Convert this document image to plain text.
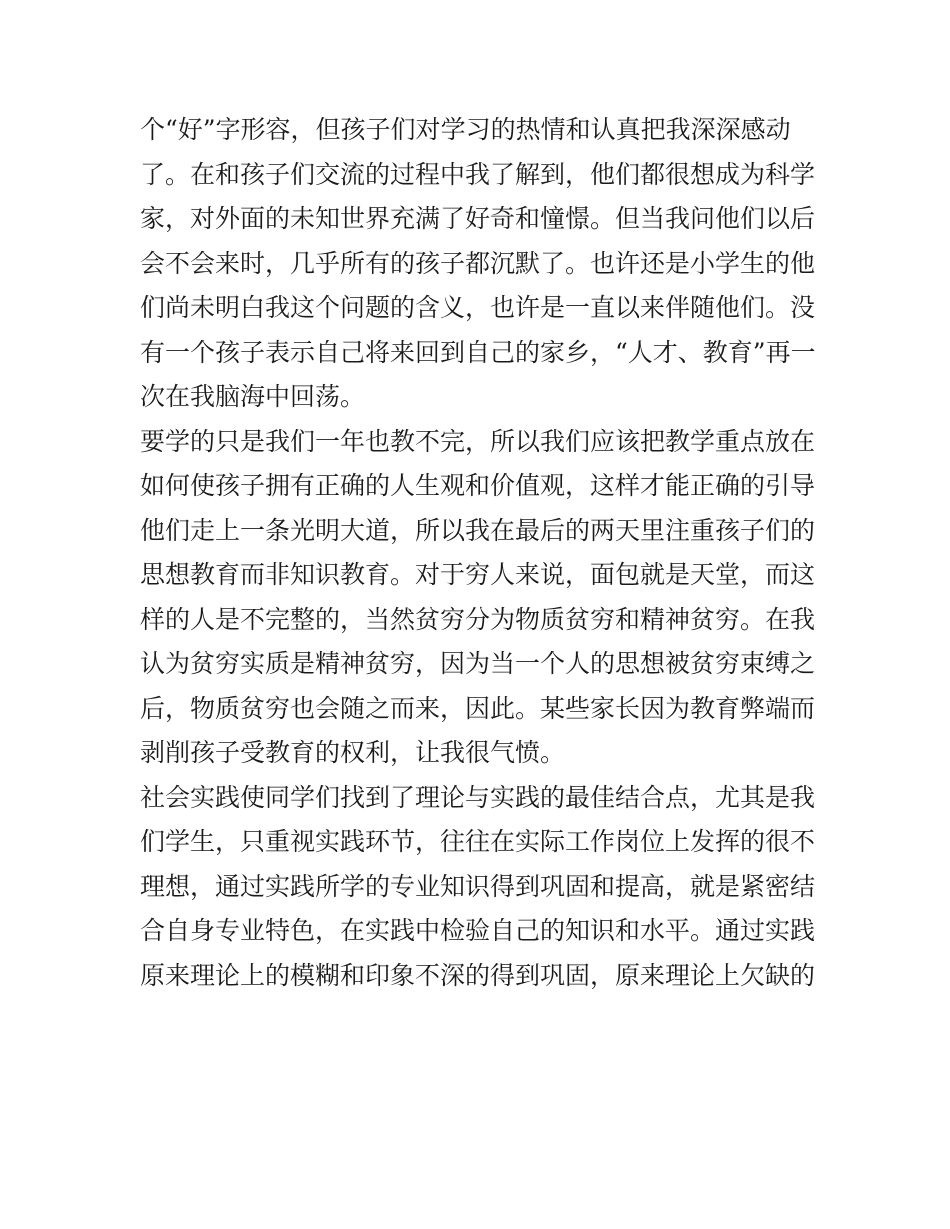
个“好”字形容，但孩子们对学习的热情和认真把我深深感动
了。在和孩子们交流的过程中我了解到，他们都很想成为科学
家，对外面的未知世界充满了好奇和憧憬。但当我问他们以后
会不会来时，几乎所有的孩子都沉默了。也许还是小学生的他
们尚未明白我这个问题的含义，也许是一直以来伴随他们。没
有一个孩子表示自己将来回到自己的家乡，“人才、教育”再一
次在我脑海中回荡。
要学的只是我们一年也教不完，所以我们应该把教学重点放在
如何使孩子拥有正确的人生观和价值观，这样才能正确的引导
他们走上一条光明大道，所以我在最后的两天里注重孩子们的
思想教育而非知识教育。对于穷人来说，面包就是天堂，而这
样的人是不完整的，当然贫穷分为物质贫穷和精神贫穷。在我
认为贫穷实质是精神贫穷，因为当一个人的思想被贫穷束缚之
后，物质贫穷也会随之而来，因此。某些家长因为教育弊端而
剥削孩子受教育的权利，让我很气愤。
社会实践使同学们找到了理论与实践的最佳结合点，尤其是我
们学生，只重视实践环节，往往在实际工作岗位上发挥的很不
理想，通过实践所学的专业知识得到巩固和提高，就是紧密结
合自身专业特色，在实践中检验自己的知识和水平。通过实践
原来理论上的模糊和印象不深的得到巩固，原来理论上欠缺的
